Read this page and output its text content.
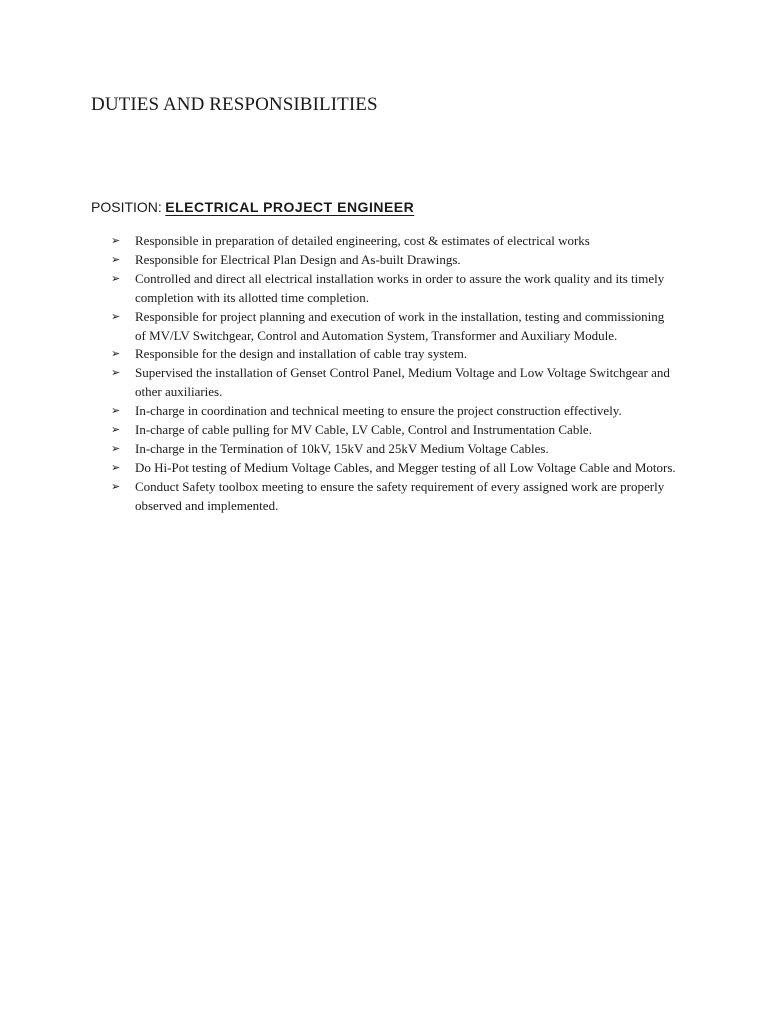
DUTIES AND RESPONSIBILITIES
POSITION: ELECTRICAL PROJECT ENGINEER
➢	Responsible in preparation of detailed engineering, cost & estimates of electrical works
➢	Responsible for Electrical Plan Design and As-built Drawings.
➢	Controlled and direct all electrical installation works in order to assure the work quality and its timely completion with its allotted time completion.
➢	Responsible for project planning and execution of work in the installation, testing and commissioning of MV/LV Switchgear, Control and Automation System, Transformer and Auxiliary Module.
➢	Responsible for the design and installation of cable tray system.
➢	Supervised the installation of Genset Control Panel, Medium Voltage and Low Voltage Switchgear and other auxiliaries.
➢	In-charge in coordination and technical meeting to ensure the project construction effectively.
➢	In-charge of cable pulling for MV Cable, LV Cable, Control and Instrumentation Cable.
➢	In-charge in the Termination of 10kV, 15kV and 25kV Medium Voltage Cables.
➢	Do Hi-Pot testing of Medium Voltage Cables, and Megger testing of all Low Voltage Cable and Motors.
➢	Conduct Safety toolbox meeting to ensure the safety requirement of every assigned work are properly observed and implemented.
